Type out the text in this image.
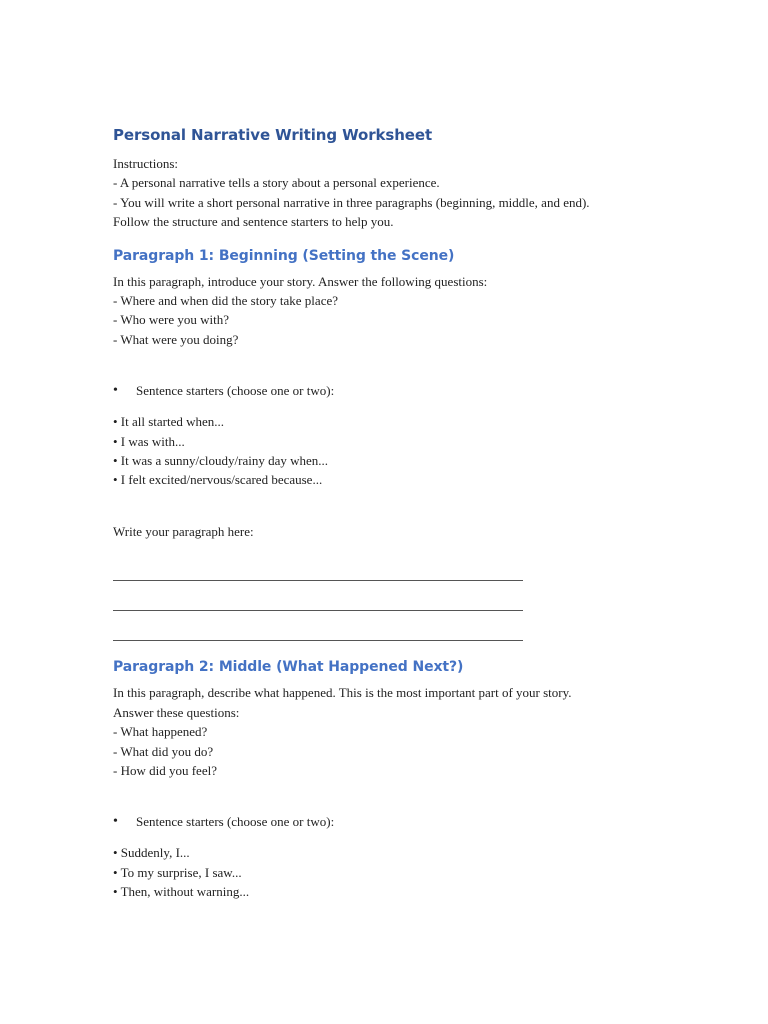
Personal Narrative Writing Worksheet

Instructions:

- A personal narrative tells a story about a personal experience.

- You will write a short personal narrative in three paragraphs (beginning, middle, and end).

Follow the structure and sentence starters to help you.

Paragraph 1: Beginning (Setting the Scene)

In this paragraph, introduce your story. Answer the following questions:

- Where and when did the story take place?

- Who were you with?

- What were you doing?

• Sentence starters (choose one or two):

• It all started when...

• I was with...

• It was a sunny/cloudy/rainy day when...

• I felt excited/nervous/scared because...

Write your paragraph here:

Paragraph 2: Middle (What Happened Next?)

In this paragraph, describe what happened. This is the most important part of your story.

Answer these questions:

- What happened?

- What did you do?

- How did you feel?

• Sentence starters (choose one or two):

• Suddenly, I...

• To my surprise, I saw...

• Then, without warning...
